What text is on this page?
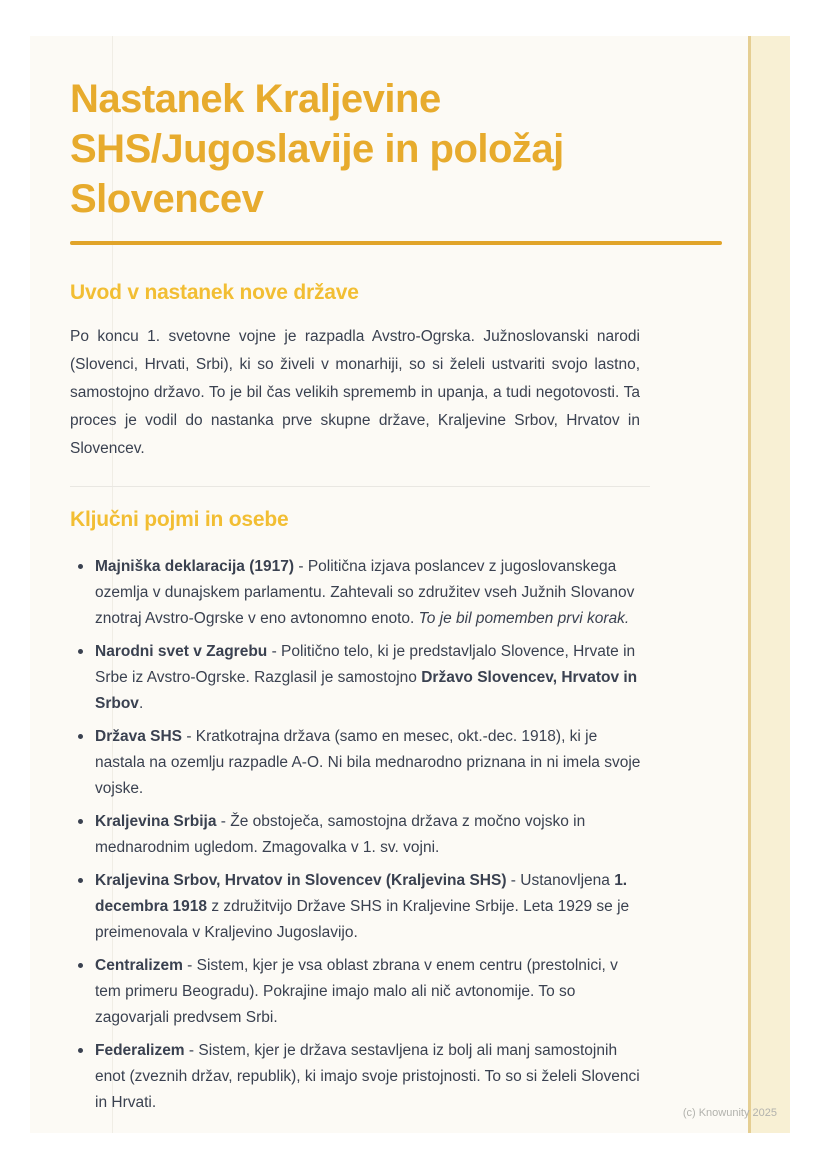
Nastanek Kraljevine
SHS/Jugoslavije in položaj
Slovencev
Uvod v nastanek nove države

Po koncu 1. svetovne vojne je razpadla Avstro-Ogrska. Južnoslovanski narodi (Slovenci, Hrvati, Srbi), ki so živeli v monarhiji, so si želeli ustvariti svojo lastno, samostojno državo. To je bil čas velikih sprememb in upanja, a tudi negotovosti. Ta proces je vodil do nastanka prve skupne države, Kraljevine Srbov, Hrvatov in Slovencev.

Ključni pojmi in osebe
Majniška deklaracija (1917) - Politična izjava poslancev z jugoslovanskega ozemlja v dunajskem parlamentu. Zahtevali so združitev vseh Južnih Slovanov znotraj Avstro-Ogrske v eno avtonomno enoto. To je bil pomemben prvi korak.
Narodni svet v Zagrebu - Politično telo, ki je predstavljalo Slovence, Hrvate in Srbe iz Avstro-Ogrske. Razglasil je samostojno Državo Slovencev, Hrvatov in Srbov.
Država SHS - Kratkotrajna država (samo en mesec, okt.-dec. 1918), ki je nastala na ozemlju razpadle A-O. Ni bila mednarodno priznana in ni imela svoje vojske.
Kraljevina Srbija - Že obstoječa, samostojna država z močno vojsko in mednarodnim ugledom. Zmagovalka v 1. sv. vojni.
Kraljevina Srbov, Hrvatov in Slovencev (Kraljevina SHS) - Ustanovljena 1. decembra 1918 z združitvijo Države SHS in Kraljevine Srbije. Leta 1929 se je preimenovala v Kraljevino Jugoslavijo.
Centralizem - Sistem, kjer je vsa oblast zbrana v enem centru (prestolnici, v tem primeru Beogradu). Pokrajine imajo malo ali nič avtonomije. To so zagovarjali predvsem Srbi.
Federalizem - Sistem, kjer je država sestavljena iz bolj ali manj samostojnih enot (zveznih držav, republik), ki imajo svoje pristojnosti. To so si želeli Slovenci in Hrvati.
(c) Knowunity 2025
